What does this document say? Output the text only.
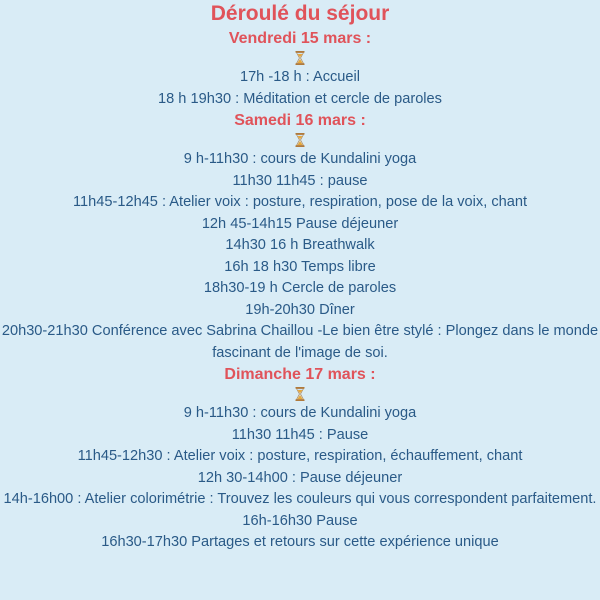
Déroulé du séjour
Vendredi 15 mars :
17h -18 h : Accueil
18 h 19h30 : Méditation et cercle de paroles
Samedi 16 mars :
9 h-11h30 : cours de Kundalini yoga
11h30 11h45 : pause
11h45-12h45 : Atelier voix : posture, respiration, pose de la voix, chant
12h 45-14h15 Pause déjeuner
14h30 16 h Breathwalk
16h 18 h30 Temps libre
18h30-19 h Cercle de paroles
19h-20h30 Dîner
20h30-21h30 Conférence avec Sabrina Chaillou -Le bien être stylé : Plongez dans le monde fascinant de l'image de soi.
Dimanche 17 mars :
9 h-11h30 : cours de Kundalini yoga
11h30 11h45 : Pause
11h45-12h30 : Atelier voix : posture, respiration, échauffement, chant
12h 30-14h00 : Pause déjeuner
14h-16h00 : Atelier colorimétrie : Trouvez les couleurs qui vous correspondent parfaitement.
16h-16h30 Pause
16h30-17h30 Partages et retours sur cette expérience unique
